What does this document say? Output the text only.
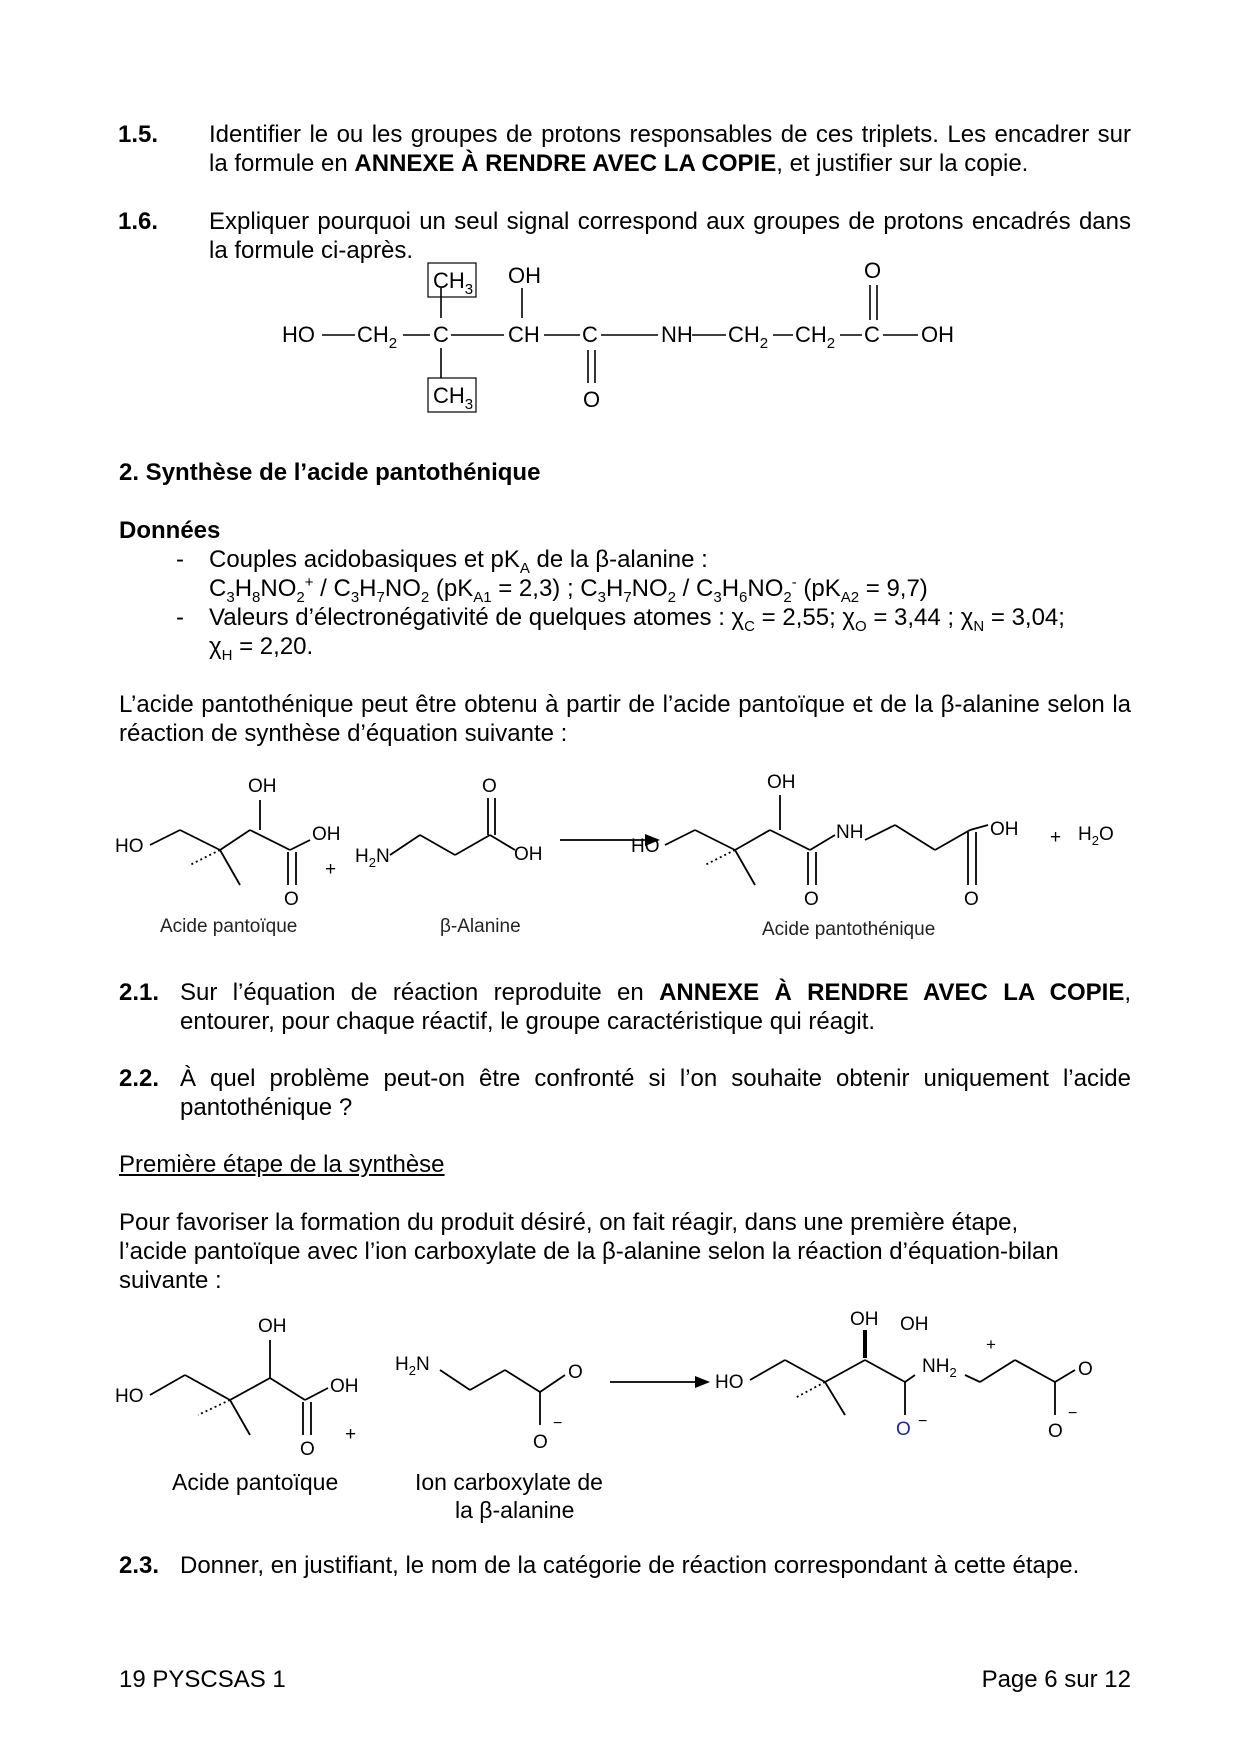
1.5. Identifier le ou les groupes de protons responsables de ces triplets. Les encadrer sur la formule en ANNEXE À RENDRE AVEC LA COPIE, et justifier sur la copie.
1.6. Expliquer pourquoi un seul signal correspond aux groupes de protons encadrés dans la formule ci-après.
HO $CH_2$ C
$CH_3$
$CH_3$
CH
OH
C
O
NH $CH_2$ $CH_2$ C
O
OH
2. Synthèse de l’acide pantothénique
Données
- Couples acidobasiques et $pK_A$ de la β-alanine :
$C_3H_8NO_2^+ / C_3H_7NO_2$ $(pK_{A1} = 2,3)$ ; $C_3H_7NO_2 / C_3H_6NO_2^-$ $(pK_{A2} = 9,7)$
- Valeurs d’électronégativité de quelques atomes : $\chi_C = 2,55$; $\chi_O = 3,44$ ; $\chi_N = 3,04$;
$\chi_H = 2,20$.
L’acide pantothénique peut être obtenu à partir de l’acide pantoïque et de la β-alanine selon la réaction de synthèse d’équation suivante :
HO
OH
OH
O
+
$H_2N$
O
OH	HO
OH
NH
O
OH
O
+ $H_2O$
Acide pantoïque	β-Alanine	Acide pantothénique
2.1. Sur l’équation de réaction reproduite en ANNEXE À RENDRE AVEC LA COPIE, entourer, pour chaque réactif, le groupe caractéristique qui réagit.
2.2. À quel problème peut-on être confronté si l’on souhaite obtenir uniquement l’acide pantothénique ?
Première étape de la synthèse
Pour favoriser la formation du produit désiré, on fait réagir, dans une première étape, l’acide pantoïque avec l’ion carboxylate de la β-alanine selon la réaction d’équation-bilan suivante :
HO
OH
OH
O
+
$H_2N$	O
O
−
HO
OH OH
$NH_2$
+
O −
O
O
−
Acide pantoïque	Ion carboxylate de
la β-alanine
2.3. Donner, en justifiant, le nom de la catégorie de réaction correspondant à cette étape.
19 PYSCSAS 1	Page 6 sur 12
